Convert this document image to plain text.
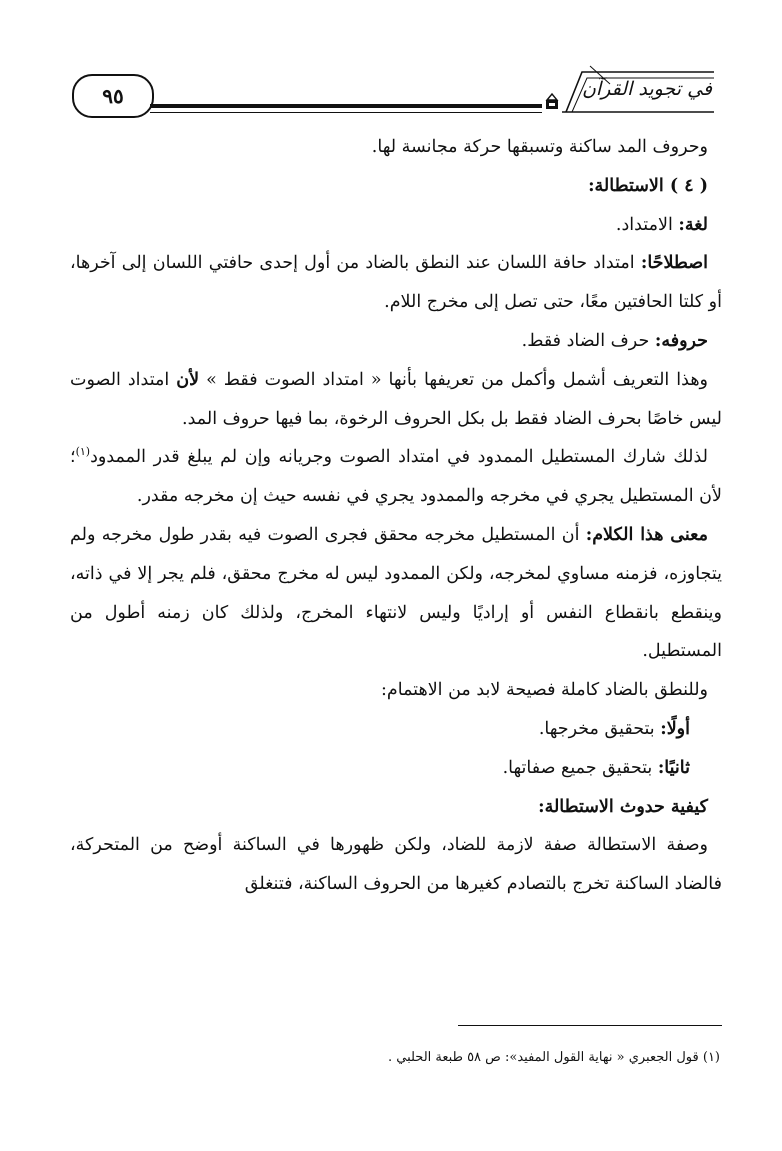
٩٥	في تجويد القرآن

وحروف المد ساكنة وتسبقها حركة مجانسة لها.

( ٤ ) الاستطالة:

لغة: الامتداد.

اصطلاحًا: امتداد حافة اللسان عند النطق بالضاد من أول إحدى حافتي اللسان إلى آخرها، أو كلتا الحافتين معًا، حتى تصل إلى مخرج اللام.

حروفه: حرف الضاد فقط.

وهذا التعريف أشمل وأكمل من تعريفها بأنها « امتداد الصوت فقط » لأن امتداد الصوت ليس خاصًا بحرف الضاد فقط بل بكل الحروف الرخوة، بما فيها حروف المد.

لذلك شارك المستطيل الممدود في امتداد الصوت وجريانه وإن لم يبلغ قدر الممدود$^{(١)}$؛ لأن المستطيل يجري في مخرجه والممدود يجري في نفسه حيث إن مخرجه مقدر.

معنى هذا الكلام: أن المستطيل مخرجه محقق فجرى الصوت فيه بقدر طول مخرجه ولم يتجاوزه، فزمنه مساوي لمخرجه، ولكن الممدود ليس له مخرج محقق، فلم يجر إلا في ذاته، وينقطع بانقطاع النفس أو إراديًا وليس لانتهاء المخرج، ولذلك كان زمنه أطول من المستطيل.

وللنطق بالضاد كاملة فصيحة لابد من الاهتمام:

أولًا: بتحقيق مخرجها.

ثانيًا: بتحقيق جميع صفاتها.

كيفية حدوث الاستطالة:

وصفة الاستطالة صفة لازمة للضاد، ولكن ظهورها في الساكنة أوضح من المتحركة، فالضاد الساكنة تخرج بالتصادم كغيرها من الحروف الساكنة، فتنغلق

(١) قول الجعبري « نهاية القول المفيد»: ص ٥٨ طبعة الحلبي .
